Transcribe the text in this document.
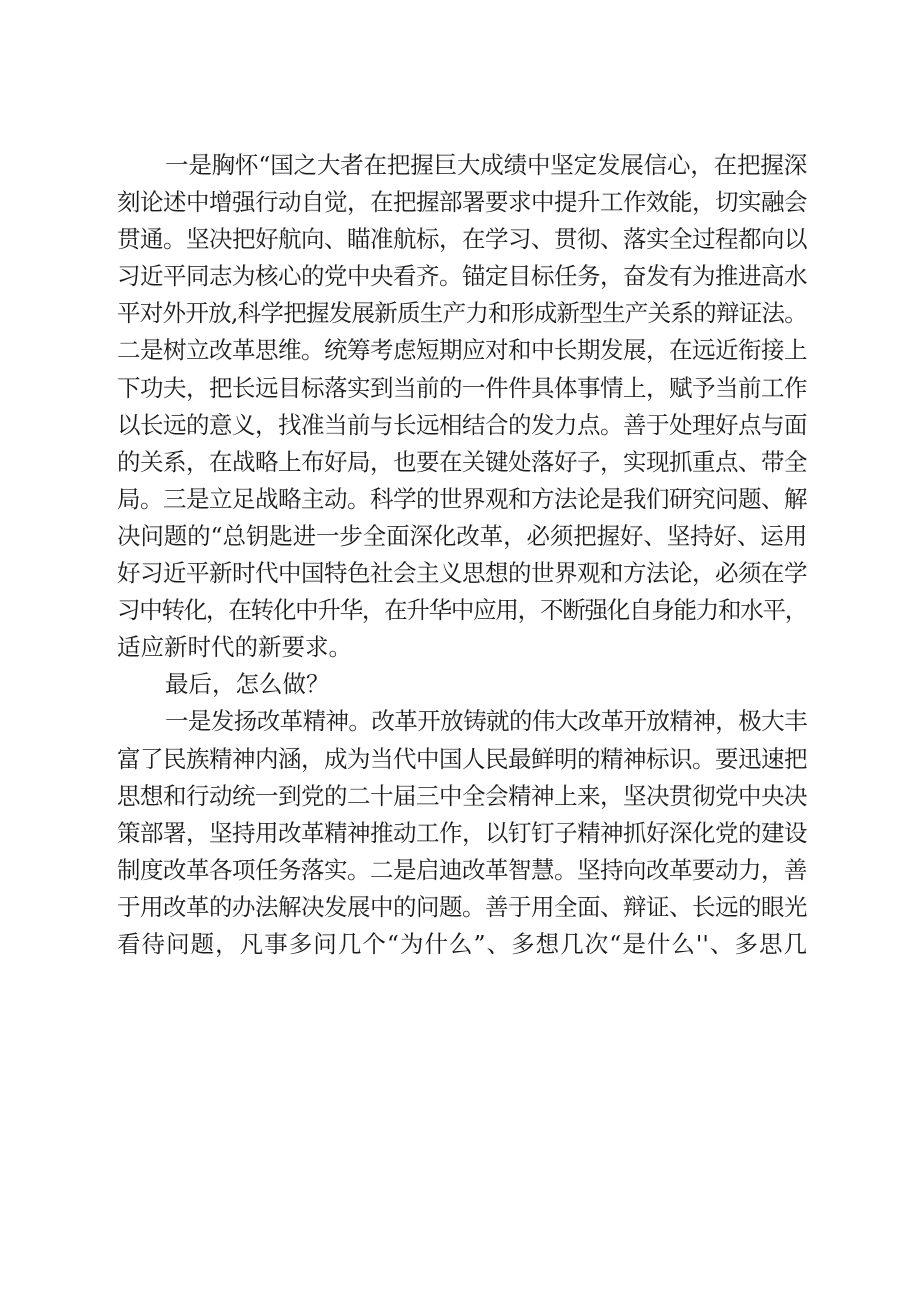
一是胸怀“国之大者在把握巨大成绩中坚定发展信心，在把握深
刻论述中增强行动自觉，在把握部署要求中提升工作效能，切实融会
贯通。坚决把好航向、瞄准航标，在学习、贯彻、落实全过程都向以
习近平同志为核心的党中央看齐。锚定目标任务，奋发有为推进高水
平对外开放,科学把握发展新质生产力和形成新型生产关系的辩证法。
二是树立改革思维。统筹考虑短期应对和中长期发展，在远近衔接上
下功夫，把长远目标落实到当前的一件件具体事情上，赋予当前工作
以长远的意义，找准当前与长远相结合的发力点。善于处理好点与面
的关系，在战略上布好局，也要在关键处落好子，实现抓重点、带全
局。三是立足战略主动。科学的世界观和方法论是我们研究问题、解
决问题的“总钥匙进一步全面深化改革，必须把握好、坚持好、运用
好习近平新时代中国特色社会主义思想的世界观和方法论，必须在学
习中转化，在转化中升华，在升华中应用，不断强化自身能力和水平，
适应新时代的新要求。

最后，怎么做？

一是发扬改革精神。改革开放铸就的伟大改革开放精神，极大丰
富了民族精神内涵，成为当代中国人民最鲜明的精神标识。要迅速把
思想和行动统一到党的二十届三中全会精神上来，坚决贯彻党中央决
策部署，坚持用改革精神推动工作，以钉钉子精神抓好深化党的建设
制度改革各项任务落实。二是启迪改革智慧。坚持向改革要动力，善
于用改革的办法解决发展中的问题。善于用全面、辩证、长远的眼光
看待问题，凡事多问几个“为什么”、多想几次“是什么''、多思几
